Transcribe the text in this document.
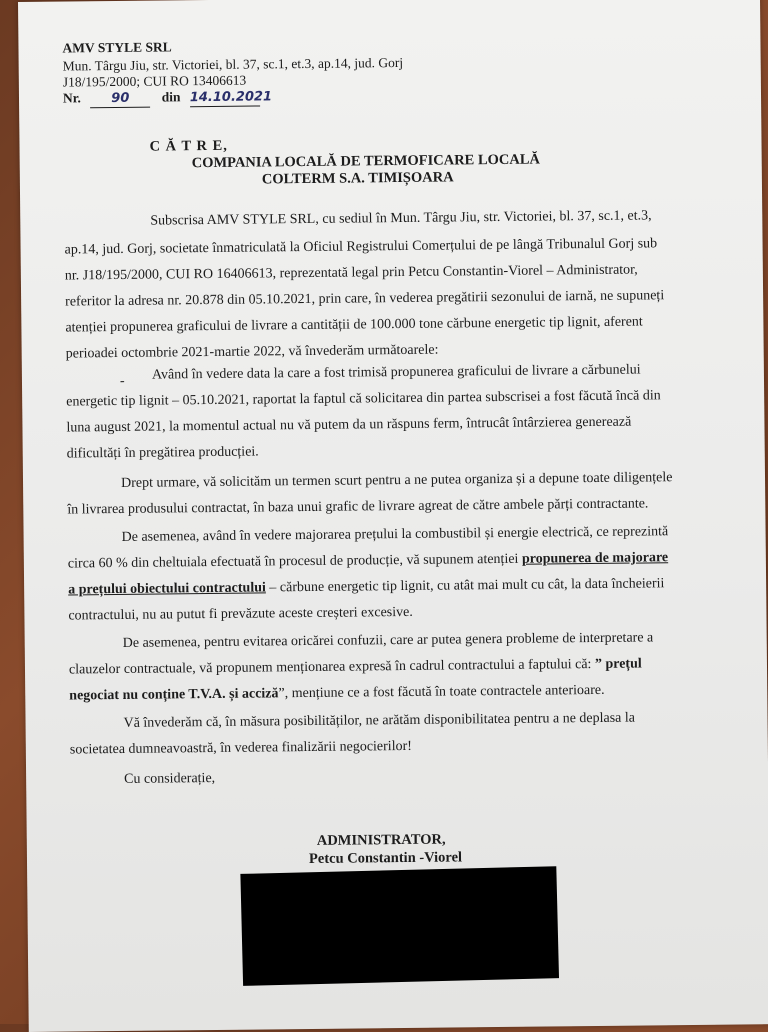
AMV STYLE SRL
Mun. Târgu Jiu, str. Victoriei, bl. 37, sc.1, et.3, ap.14, jud. Gorj
J18/195/2000; CUI RO 13406613
Nr. 90 din 14.10.2021
C Ă T R E,
COMPANIA LOCALĂ DE TERMOFICARE LOCALĂ
COLTERM S.A. TIMIȘOARA
Subscrisa AMV STYLE SRL, cu sediul în Mun. Târgu Jiu, str. Victoriei, bl. 37, sc.1, et.3,
ap.14, jud. Gorj, societate înmatriculată la Oficiul Registrului Comerțului de pe lângă Tribunalul Gorj sub
nr. J18/195/2000, CUI RO 16406613, reprezentată legal prin Petcu Constantin-Viorel – Administrator,
referitor la adresa nr. 20.878 din 05.10.2021, prin care, în vederea pregătirii sezonului de iarnă, ne supuneți
atenției propunerea graficului de livrare a cantității de 100.000 tone cărbune energetic tip lignit, aferent
perioadei octombrie 2021-martie 2022, vă învederăm următoarele:
- Având în vedere data la care a fost trimisă propunerea graficului de livrare a cărbunelui
energetic tip lignit – 05.10.2021, raportat la faptul că solicitarea din partea subscrisei a fost făcută încă din
luna august 2021, la momentul actual nu vă putem da un răspuns ferm, întrucât întârzierea generează
dificultăți în pregătirea producției.
Drept urmare, vă solicităm un termen scurt pentru a ne putea organiza și a depune toate diligențele
în livrarea produsului contractat, în baza unui grafic de livrare agreat de către ambele părți contractante.
De asemenea, având în vedere majorarea prețului la combustibil și energie electrică, ce reprezintă
circa 60 % din cheltuiala efectuată în procesul de producție, vă supunem atenției propunerea de majorare
a prețului obiectului contractului – cărbune energetic tip lignit, cu atât mai mult cu cât, la data încheierii
contractului, nu au putut fi prevăzute aceste creșteri excesive.
De asemenea, pentru evitarea oricărei confuzii, care ar putea genera probleme de interpretare a
clauzelor contractuale, vă propunem menționarea expresă în cadrul contractului a faptului că: ” prețul
negociat nu conține T.V.A. și acciză”, mențiune ce a fost făcută în toate contractele anterioare.
Vă învederăm că, în măsura posibilităților, ne arătăm disponibilitatea pentru a ne deplasa la
societatea dumneavoastră, în vederea finalizării negocierilor!
Cu considerație,
ADMINISTRATOR,
Petcu Constantin -Viorel
